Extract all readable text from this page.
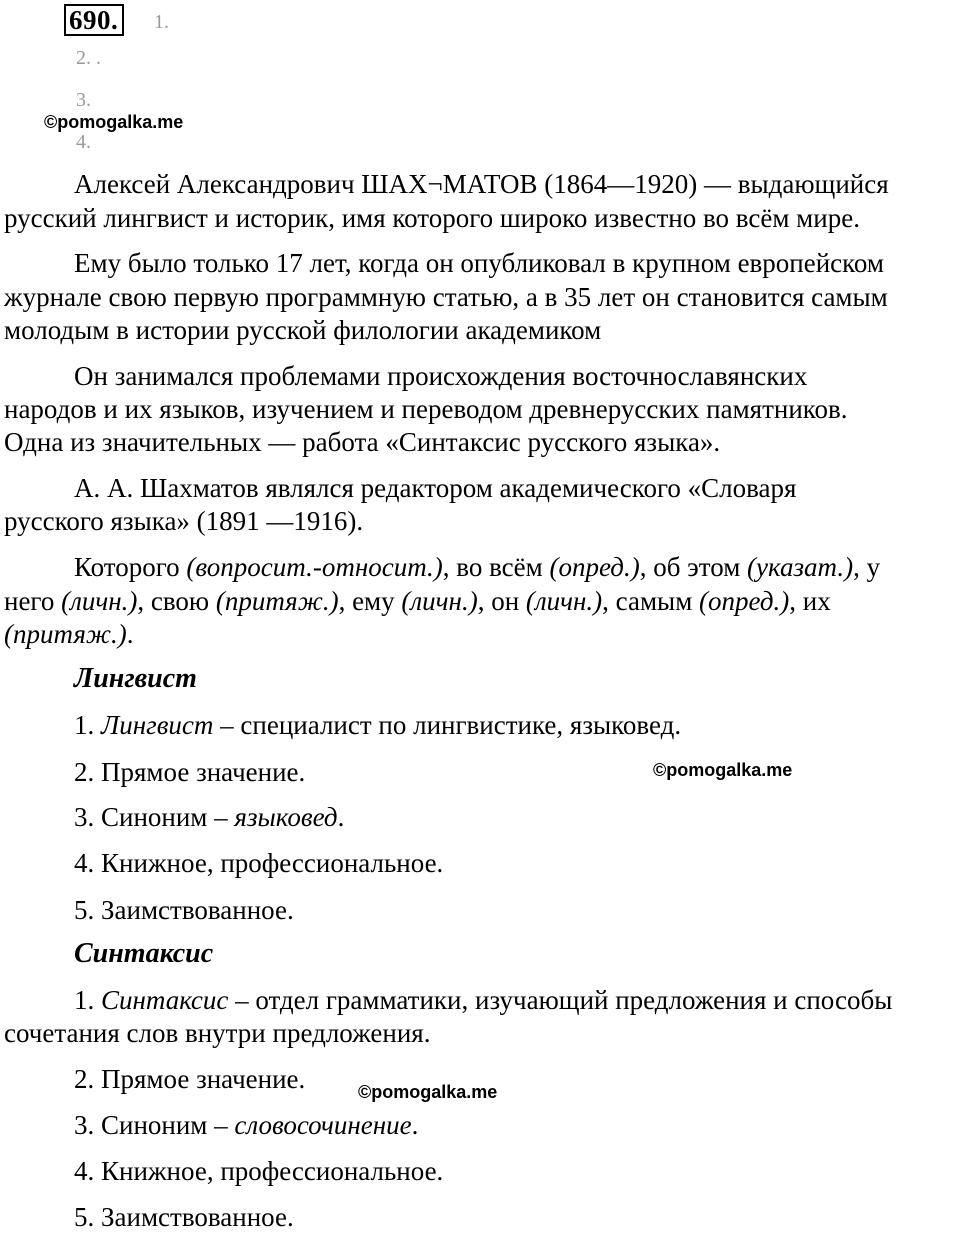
690.	1.
2. .
3.
4.
©pomogalka.me
©pomogalka.me
©pomogalka.me
Алексей Александрович ШАХ¬МАТОВ (1864—1920) — выдающийся
русский лингвист и историк, имя которого широко известно во всём мире.
Ему было только 17 лет, когда он опубликовал в крупном европейском
журнале свою первую программную статью, а в 35 лет он становится самым
молодым в истории русской филологии академиком
Он занимался проблемами происхождения восточнославянских
народов и их языков, изучением и переводом древнерусских памятников.
Одна из значительных — работа «Синтаксис русского языка».
А. А. Шахматов являлся редактором академического «Словаря
русского языка» (1891 —1916).
Которого (вопросит.-относит.), во всём (опред.), об этом (указат.), у
него (личн.), свою (притяж.), ему (личн.), он (личн.), самым (опред.), их
(притяж.).
Лингвист
1. Лингвист – специалист по лингвистике, языковед.
2. Прямое значение.
3. Синоним – языковед.
4. Книжное, профессиональное.
5. Заимствованное.
Синтаксис
1. Синтаксис – отдел грамматики, изучающий предложения и способы
сочетания слов внутри предложения.
2. Прямое значение.
3. Синоним – словосочинение.
4. Книжное, профессиональное.
5. Заимствованное.
